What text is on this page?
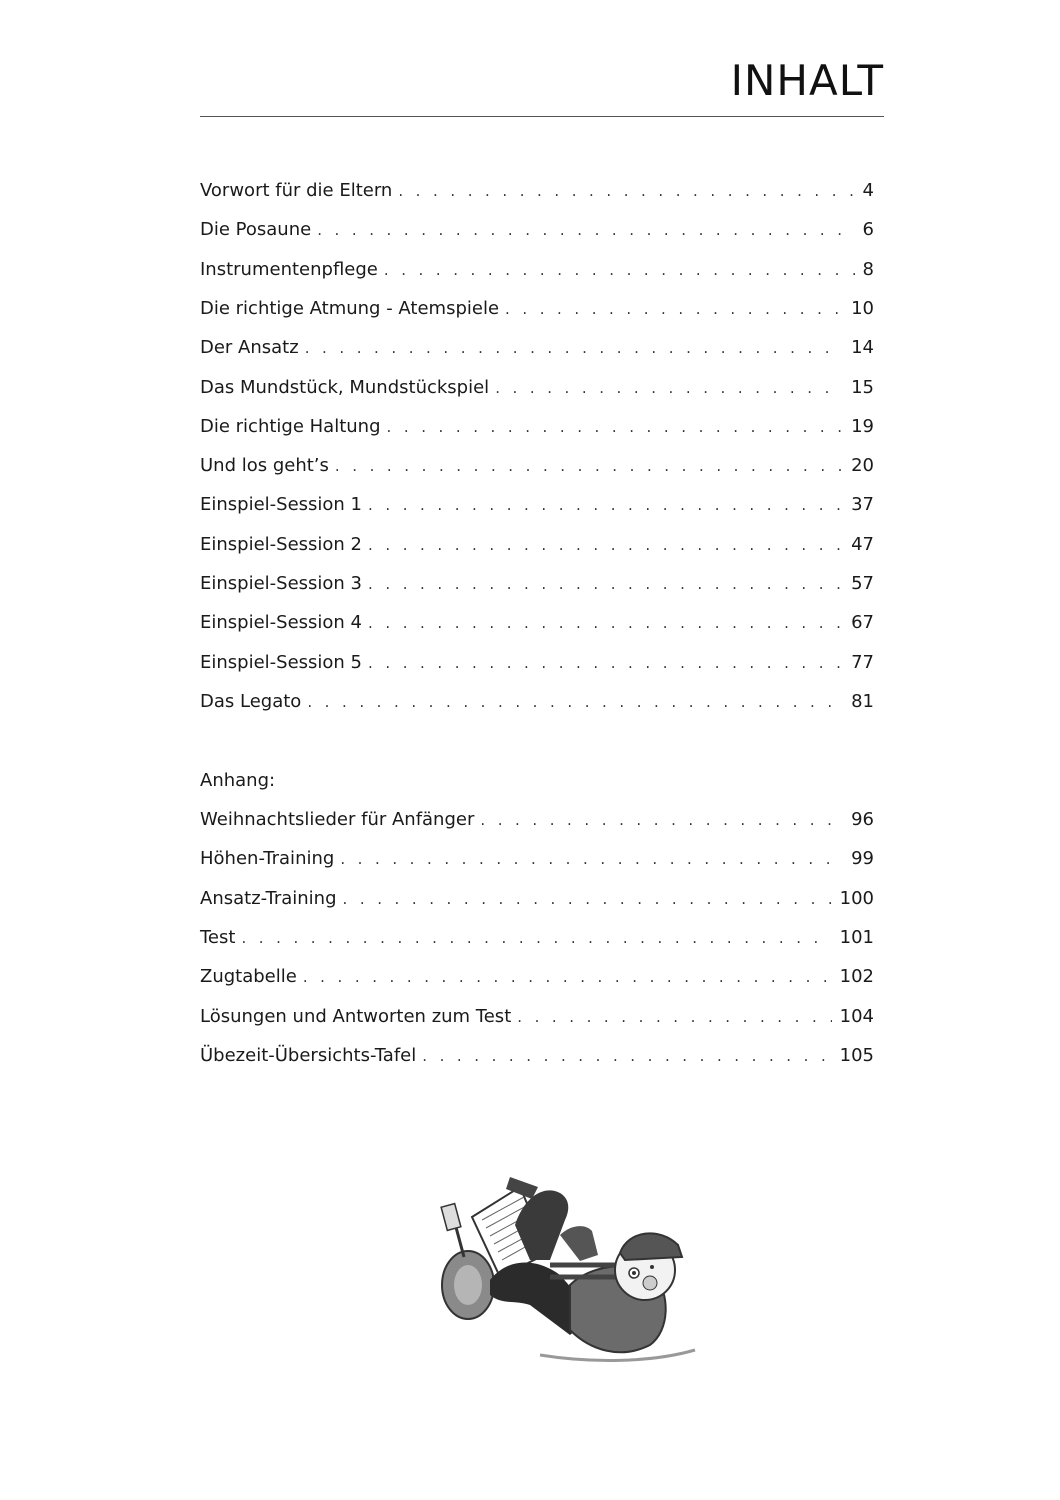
INHALT
Vorwort für die Eltern . . .	4
Die Posaune . . .	6
Instrumentenpflege . . .	8
Die richtige Atmung - Atemspiele . . .	10
Der Ansatz . . .	14
Das Mundstück, Mundstückspiel . . .	15
Die richtige Haltung . . .	19
Und los geht’s . . .	20
Einspiel-Session 1 . . .	37
Einspiel-Session 2 . . .	47
Einspiel-Session 3 . . .	57
Einspiel-Session 4 . . .	67
Einspiel-Session 5 . . .	77
Das Legato . . .	81
Weihnachtslieder für Anfänger . . .	96
Höhen-Training . . .	99
Ansatz-Training . . .	100
Test . . .	101
Zugtabelle . . .	102
Lösungen und Antworten zum Test . . .	104
Übezeit-Übersichts-Tafel . . .	105
Anhang:
